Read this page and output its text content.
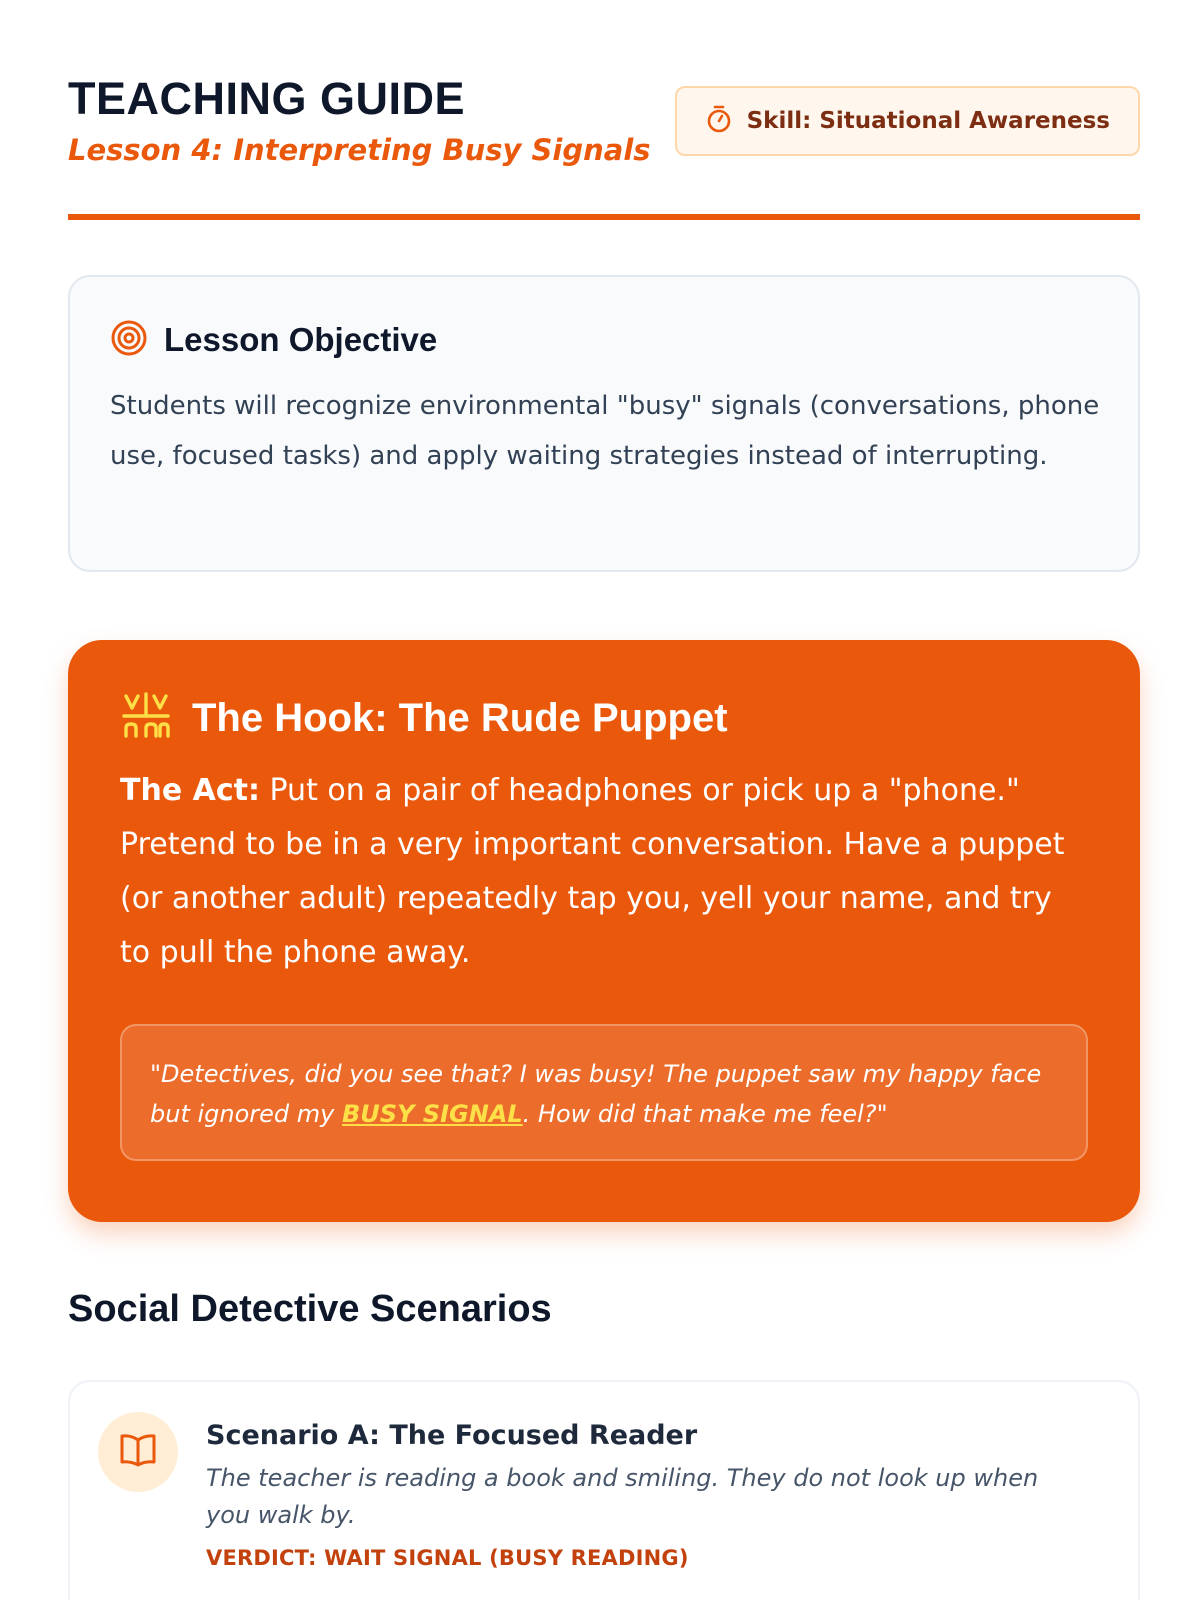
TEACHING GUIDE
Lesson 4: Interpreting Busy Signals
Skill: Situational Awareness
Lesson Objective

Students will recognize environmental "busy" signals (conversations, phone use, focused tasks) and apply waiting strategies instead of interrupting.

The Hook: The Rude Puppet

The Act: Put on a pair of headphones or pick up a "phone." Pretend to be in a very important conversation. Have a puppet (or another adult) repeatedly tap you, yell your name, and try to pull the phone away.

"Detectives, did you see that? I was busy! The puppet saw my happy face but ignored my BUSY SIGNAL. How did that make me feel?"
Social Detective Scenarios
Scenario A: The Focused Reader

The teacher is reading a book and smiling. They do not look up when you walk by.

VERDICT: WAIT SIGNAL (BUSY READING)
